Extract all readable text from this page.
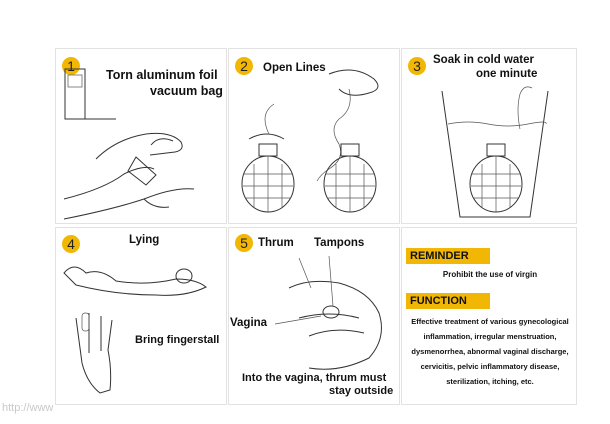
1
Torn aluminum foil
vacuum bag
2	Open Lines	3	Soak in cold water
one minute
4	Lying
Bring fingerstall
5 Thrum Tampons
Vagina
Into the vagina, thrum must
stay outside
REMINDER
Prohibit the use of virgin
FUNCTION
Effective treatment of various gynecological
inflammation, irregular menstruation,
dysmenorrhea, abnormal vaginal discharge,
cervicitis, pelvic inflammatory disease,
sterilization, itching, etc.
http://www
